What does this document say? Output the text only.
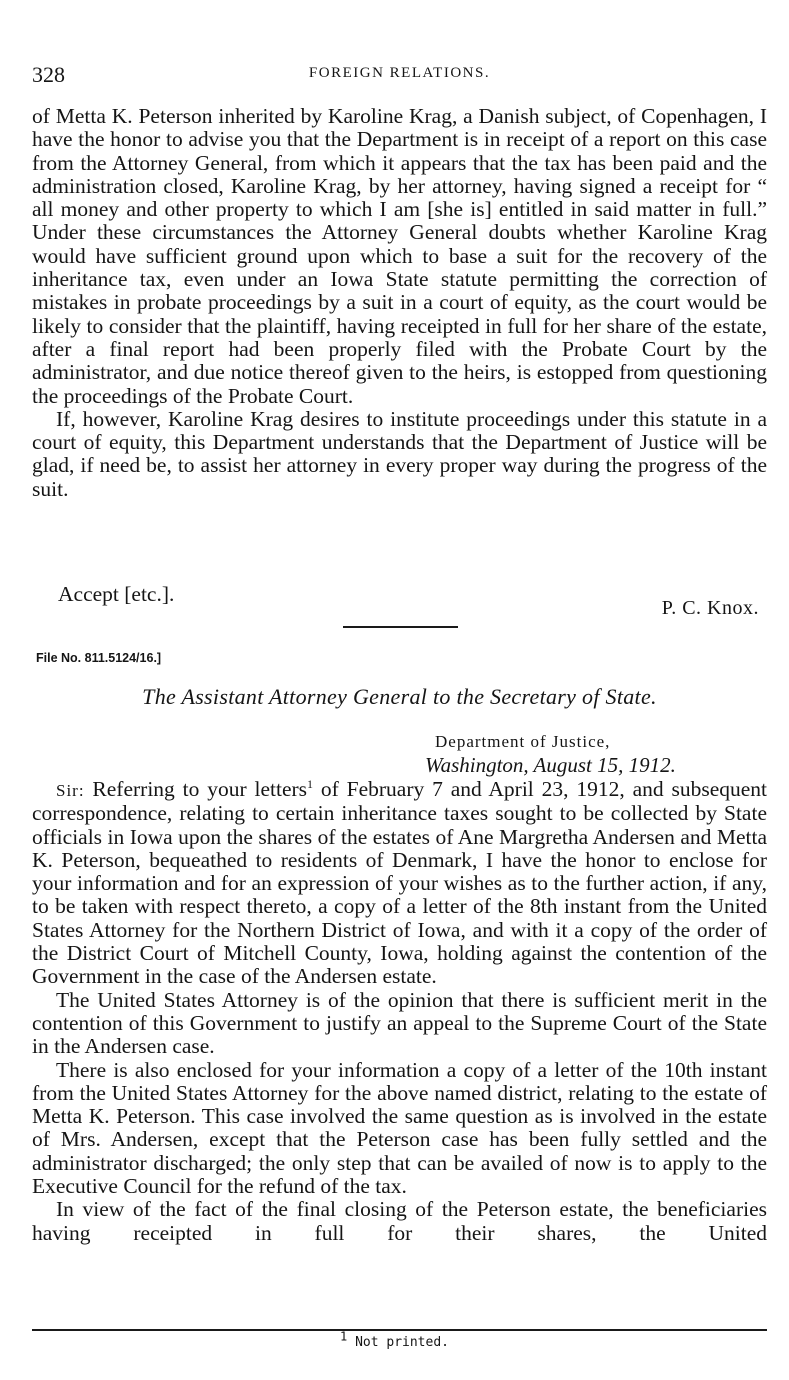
328	FOREIGN RELATIONS.

of Metta K. Peterson inherited by Karoline Krag, a Danish subject, of Copenhagen, I have the honor to advise you that the Department is in receipt of a report on this case from the Attorney General, from which it appears that the tax has been paid and the administration closed, Karoline Krag, by her attorney, having signed a receipt for “ all money and other property to which I am [she is] entitled in said matter in full.” Under these circumstances the Attorney General doubts whether Karoline Krag would have sufficient ground upon which to base a suit for the recovery of the inheritance tax, even under an Iowa State statute permitting the correction of mistakes in probate proceedings by a suit in a court of equity, as the court would be likely to consider that the plaintiff, having receipted in full for her share of the estate, after a final report had been properly filed with the Probate Court by the administrator, and due notice thereof given to the heirs, is estopped from questioning the proceedings of the Probate Court.

If, however, Karoline Krag desires to institute proceedings under this statute in a court of equity, this Department understands that the Department of Justice will be glad, if need be, to assist her attorney in every proper way during the progress of the suit.

Accept [etc.].
P. C. Knox.
File No. 811.5124/16.]
The Assistant Attorney General to the Secretary of State.
Department of Justice,
Washington, August 15, 1912.

Sir: Referring to your letters$^1$ of February 7 and April 23, 1912, and subsequent correspondence, relating to certain inheritance taxes sought to be collected by State officials in Iowa upon the shares of the estates of Ane Margretha Andersen and Metta K. Peterson, bequeathed to residents of Denmark, I have the honor to enclose for your information and for an expression of your wishes as to the further action, if any, to be taken with respect thereto, a copy of a letter of the 8th instant from the United States Attorney for the Northern District of Iowa, and with it a copy of the order of the District Court of Mitchell County, Iowa, holding against the contention of the Government in the case of the Andersen estate.

The United States Attorney is of the opinion that there is sufficient merit in the contention of this Government to justify an appeal to the Supreme Court of the State in the Andersen case.

There is also enclosed for your information a copy of a letter of the 10th instant from the United States Attorney for the above named district, relating to the estate of Metta K. Peterson. This case involved the same question as is involved in the estate of Mrs. Andersen, except that the Peterson case has been fully settled and the administrator discharged; the only step that can be availed of now is to apply to the Executive Council for the refund of the tax.

In view of the fact of the final closing of the Peterson estate, the beneficiaries having receipted in full for their shares, the United

$^1$ Not printed.
